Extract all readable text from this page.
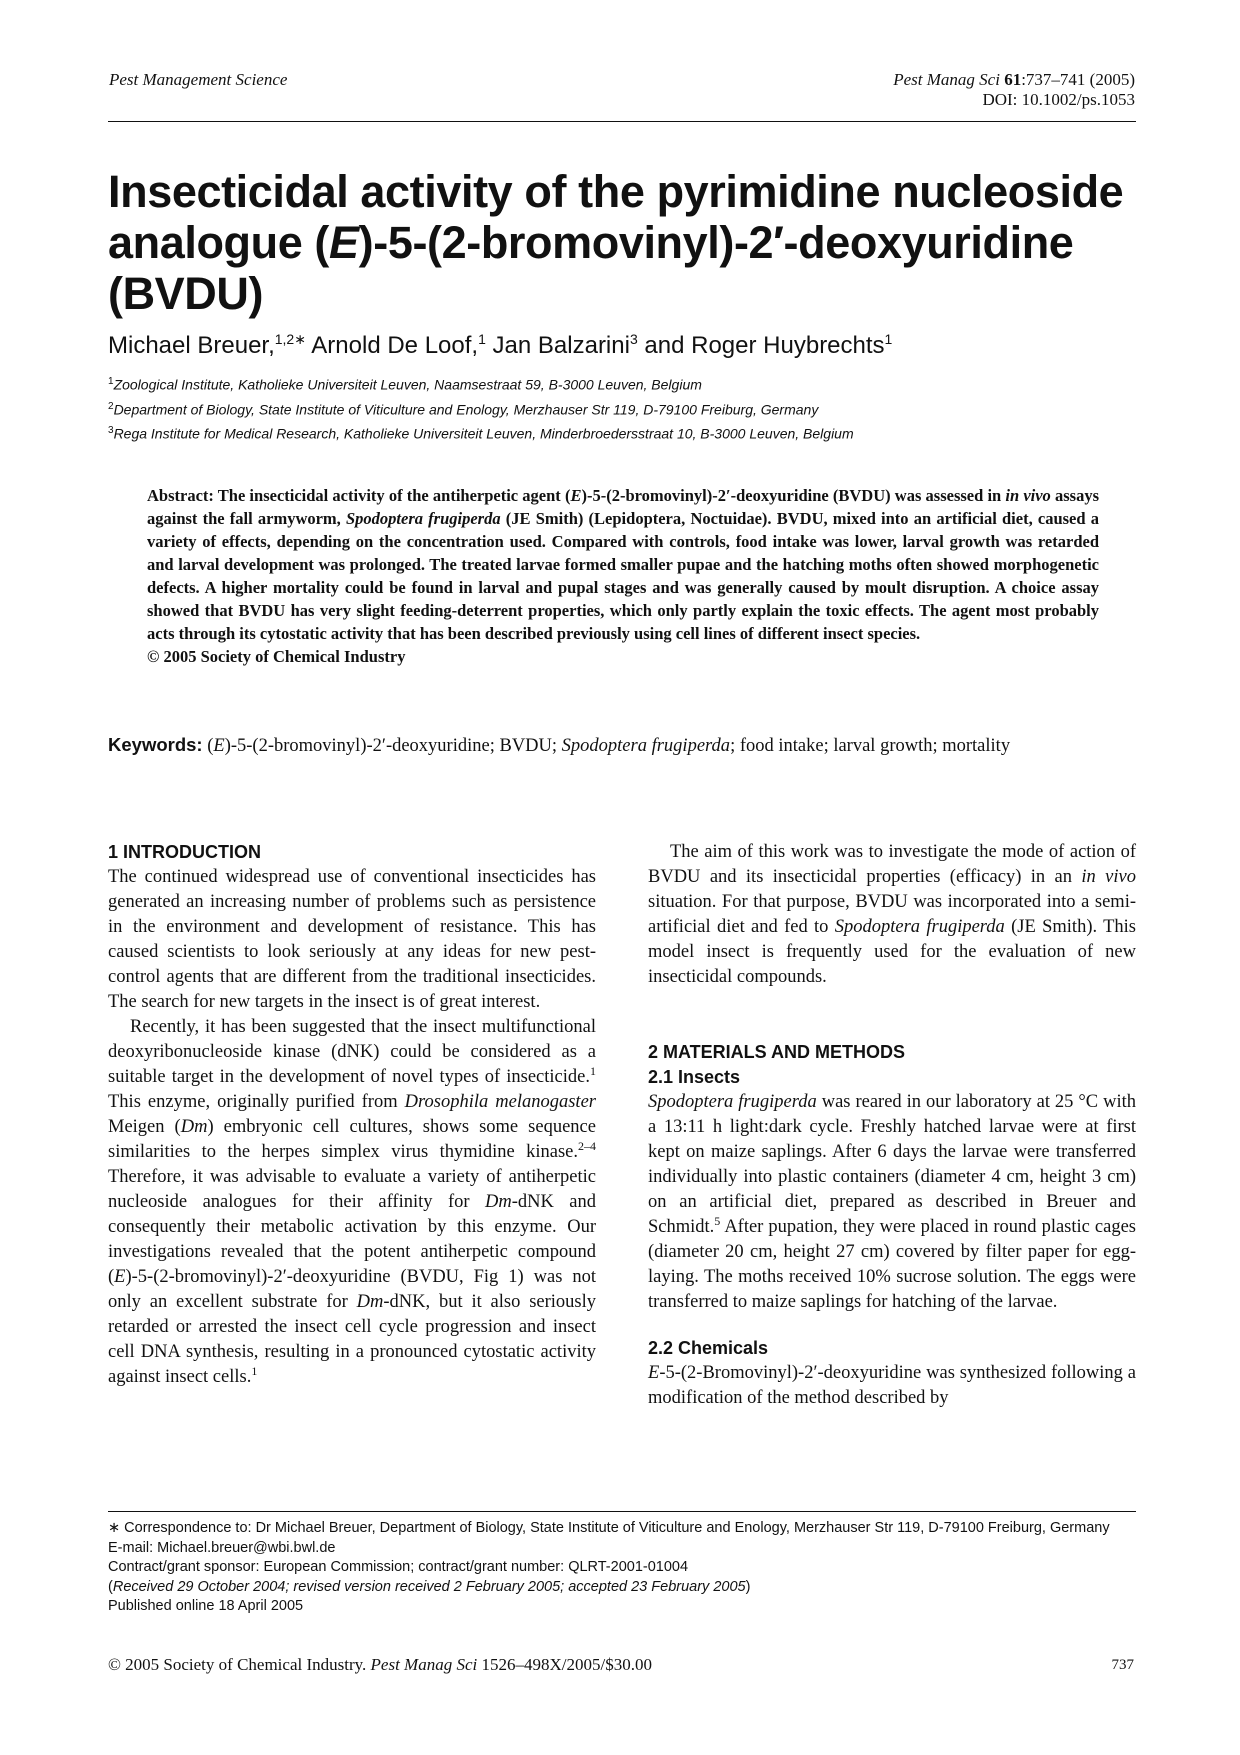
Pest Management Science	Pest Manag Sci 61:737–741 (2005)
DOI: 10.1002/ps.1053
Insecticidal activity of the pyrimidine nucleoside analogue (E)-5-(2-bromovinyl)-2′-deoxyuridine (BVDU)
Michael Breuer,$^{1,2∗}$ Arnold De Loof,$^1$ Jan Balzarini$^3$ and Roger Huybrechts$^1$
$^1$Zoological Institute, Katholieke Universiteit Leuven, Naamsestraat 59, B-3000 Leuven, Belgium
$^2$Department of Biology, State Institute of Viticulture and Enology, Merzhauser Str 119, D-79100 Freiburg, Germany
$^3$Rega Institute for Medical Research, Katholieke Universiteit Leuven, Minderbroedersstraat 10, B-3000 Leuven, Belgium
Abstract: The insecticidal activity of the antiherpetic agent (E)-5-(2-bromovinyl)-2′-deoxyuridine (BVDU) was assessed in in vivo assays against the fall armyworm, Spodoptera frugiperda (JE Smith) (Lepidoptera, Noctuidae). BVDU, mixed into an artificial diet, caused a variety of effects, depending on the concentration used. Compared with controls, food intake was lower, larval growth was retarded and larval development was prolonged. The treated larvae formed smaller pupae and the hatching moths often showed morphogenetic defects. A higher mortality could be found in larval and pupal stages and was generally caused by moult disruption. A choice assay showed that BVDU has very slight feeding-deterrent properties, which only partly explain the toxic effects. The agent most probably acts through its cytostatic activity that has been described previously using cell lines of different insect species.
© 2005 Society of Chemical Industry
Keywords: (E)-5-(2-bromovinyl)-2′-deoxyuridine; BVDU; Spodoptera frugiperda; food intake; larval growth; mortality
1 INTRODUCTION

The continued widespread use of conventional insecticides has generated an increasing number of problems such as persistence in the environment and development of resistance. This has caused scientists to look seriously at any ideas for new pest-control agents that are different from the traditional insecticides. The search for new targets in the insect is of great interest.

Recently, it has been suggested that the insect multifunctional deoxyribonucleoside kinase (dNK) could be considered as a suitable target in the development of novel types of insecticide.$^1$ This enzyme, originally purified from Drosophila melanogaster Meigen (Dm) embryonic cell cultures, shows some sequence similarities to the herpes simplex virus thymidine kinase.$^{2-4}$ Therefore, it was advisable to evaluate a variety of antiherpetic nucleoside analogues for their affinity for Dm-dNK and consequently their metabolic activation by this enzyme. Our investigations revealed that the potent antiherpetic compound (E)-5-(2-bromovinyl)-2′-deoxyuridine (BVDU, Fig 1) was not only an excellent substrate for Dm-dNK, but it also seriously retarded or arrested the insect cell cycle progression and insect cell DNA synthesis, resulting in a pronounced cytostatic activity against insect cells.$^1$

The aim of this work was to investigate the mode of action of BVDU and its insecticidal properties (efficacy) in an in vivo situation. For that purpose, BVDU was incorporated into a semi-artificial diet and fed to Spodoptera frugiperda (JE Smith). This model insect is frequently used for the evaluation of new insecticidal compounds.

2 MATERIALS AND METHODS
2.1 Insects

Spodoptera frugiperda was reared in our laboratory at 25 °C with a 13:11 h light:dark cycle. Freshly hatched larvae were at first kept on maize saplings. After 6 days the larvae were transferred individually into plastic containers (diameter 4 cm, height 3 cm) on an artificial diet, prepared as described in Breuer and Schmidt.$^5$ After pupation, they were placed in round plastic cages (diameter 20 cm, height 27 cm) covered by filter paper for egg-laying. The moths received 10% sucrose solution. The eggs were transferred to maize saplings for hatching of the larvae.

2.2 Chemicals

E-5-(2-Bromovinyl)-2′-deoxyuridine was synthesized following a modification of the method described by

∗ Correspondence to: Dr Michael Breuer, Department of Biology, State Institute of Viticulture and Enology, Merzhauser Str 119, D-79100 Freiburg, Germany
E-mail: Michael.breuer@wbi.bwl.de
Contract/grant sponsor: European Commission; contract/grant number: QLRT-2001-01004
(Received 29 October 2004; revised version received 2 February 2005; accepted 23 February 2005)
Published online 18 April 2005
© 2005 Society of Chemical Industry. Pest Manag Sci 1526–498X/2005/$30.00	737
